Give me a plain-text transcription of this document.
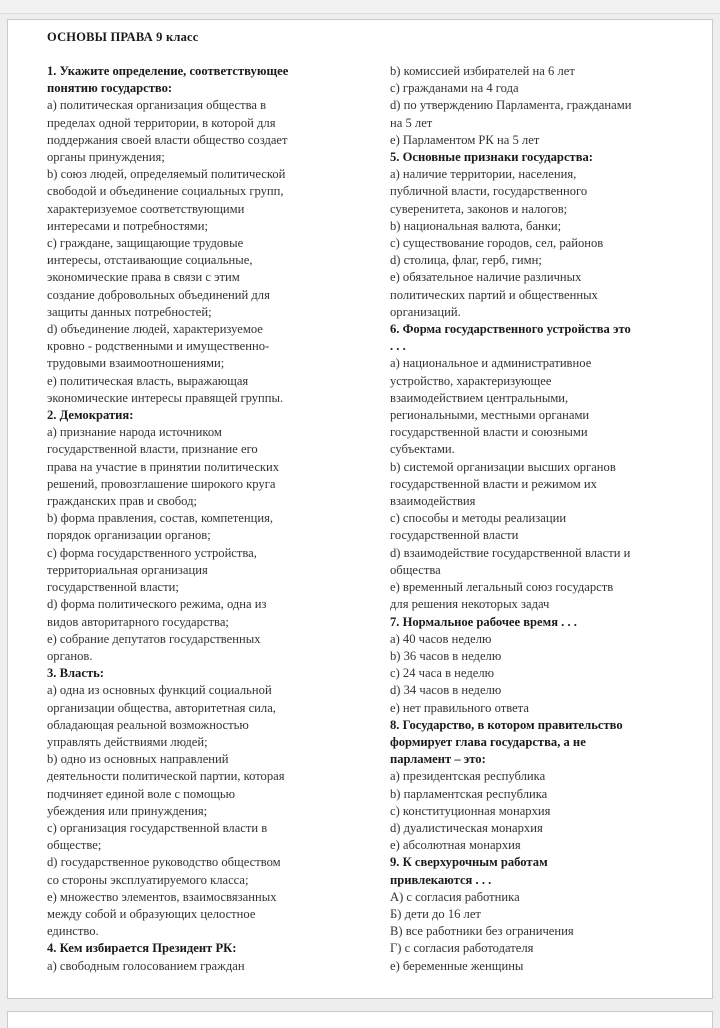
ОСНОВЫ ПРАВА 9 класс
1. Укажите определение, соответствующее
понятию государство:
a) политическая организация общества в
пределах одной территории, в которой для
поддержания своей власти общество создает
органы принуждения;
b) союз людей, определяемый политической
свободой и объединение социальных групп,
характеризуемое соответствующими
интересами и потребностями;
c) граждане, защищающие трудовые
интересы, отстаивающие социальные,
экономические права в связи с этим
создание добровольных объединений для
защиты данных потребностей;
d) объединение людей, характеризуемое
кровно - родственными и имущественно-
трудовыми взаимоотношениями;
e) политическая власть, выражающая
экономические интересы правящей группы.
2. Демократия:
a) признание народа источником
государственной власти, признание его
права на участие в принятии политических
решений, провозглашение широкого круга
гражданских прав и свобод;
b) форма правления, состав, компетенция,
порядок организации органов;
c) форма государственного устройства,
территориальная организация
государственной власти;
d) форма политического режима, одна из
видов авторитарного государства;
e) собрание депутатов государственных
органов.
3. Власть:
a) одна из основных функций социальной
организации общества, авторитетная сила,
обладающая реальной возможностью
управлять действиями людей;
b) одно из основных направлений
деятельности политической партии, которая
подчиняет единой воле с помощью
убеждения или принуждения;
c) организация государственной власти в
обществе;
d) государственное руководство обществом
со стороны эксплуатируемого класса;
e) множество элементов, взаимосвязанных
между собой и образующих целостное
единство.
4. Кем избирается Президент РК:
a) свободным голосованием граждан
b) комиссией избирателей на 6 лет
c) гражданами на 4 года
d) по утверждению Парламента, гражданами
на 5 лет
e) Парламентом РК на 5 лет
5. Основные признаки государства:
a) наличие территории, населения,
публичной власти, государственного
суверенитета, законов и налогов;
b) национальная валюта, банки;
c) существование городов, сел, районов
d) столица, флаг, герб, гимн;
e) обязательное наличие различных
политических партий и общественных
организаций.
6. Форма государственного устройства это
. . .
a) национальное и административное
устройство, характеризующее
взаимодействием центральными,
региональными, местными органами
государственной власти и союзными
субъектами.
b) системой организации высших органов
государственной власти и режимом их
взаимодействия
c) способы и методы реализации
государственной власти
d) взаимодействие государственной власти и
общества
e) временный легальный союз государств
для решения некоторых задач
7. Нормальное рабочее время . . .
a) 40 часов неделю
b) 36 часов в неделю
c) 24 часа в неделю
d) 34 часов в неделю
e) нет правильного ответа
8. Государство, в котором правительство
формирует глава государства, а не
парламент – это:
a) президентская республика
b) парламентская республика
c) конституционная монархия
d) дуалистическая монархия
e) абсолютная монархия
9. К сверхурочным работам
привлекаются . . .
А) с согласия работника
Б) дети до 16 лет
В) все работники без ограничения
Г) с согласия работодателя
е) беременные женщины
